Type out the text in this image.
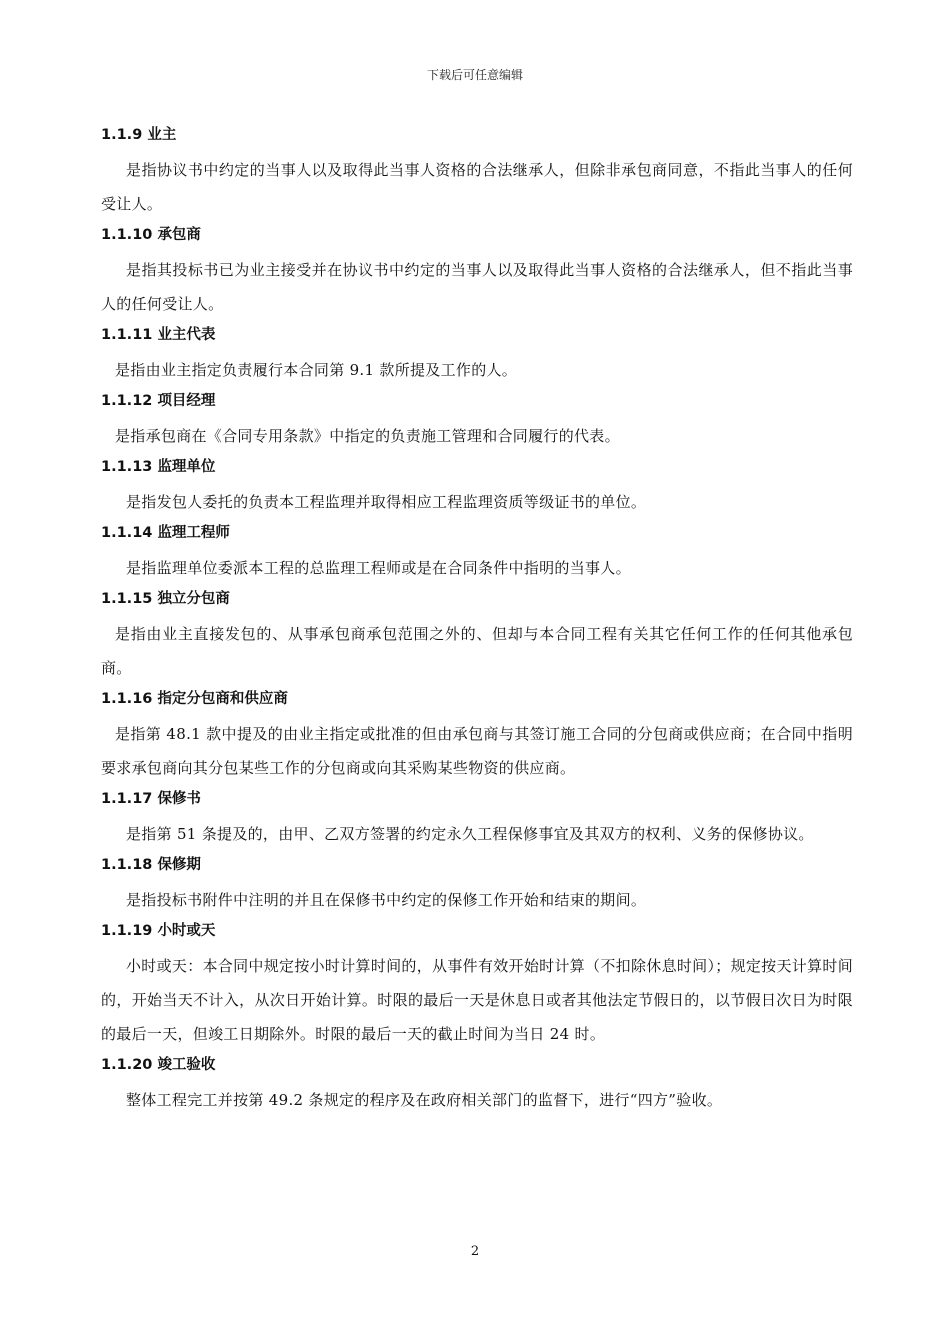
下载后可任意编辑
1.1.9 业主

是指协议书中约定的当事人以及取得此当事人资格的合法继承人，但除非承包商同意，不指此当事人的任何受让人。

1.1.10 承包商

是指其投标书已为业主接受并在协议书中约定的当事人以及取得此当事人资格的合法继承人，但不指此当事人的任何受让人。

1.1.11 业主代表

是指由业主指定负责履行本合同第 9.1 款所提及工作的人。

1.1.12 项目经理

是指承包商在《合同专用条款》中指定的负责施工管理和合同履行的代表。

1.1.13 监理单位

是指发包人委托的负责本工程监理并取得相应工程监理资质等级证书的单位。

1.1.14 监理工程师

是指监理单位委派本工程的总监理工程师或是在合同条件中指明的当事人。

1.1.15 独立分包商

是指由业主直接发包的、从事承包商承包范围之外的、但却与本合同工程有关其它任何工作的任何其他承包商。

1.1.16 指定分包商和供应商

是指第 48.1 款中提及的由业主指定或批准的但由承包商与其签订施工合同的分包商或供应商；在合同中指明要求承包商向其分包某些工作的分包商或向其采购某些物资的供应商。

1.1.17 保修书

是指第 51 条提及的，由甲、乙双方签署的约定永久工程保修事宜及其双方的权利、义务的保修协议。

1.1.18 保修期

是指投标书附件中注明的并且在保修书中约定的保修工作开始和结束的期间。

1.1.19 小时或天

小时或天：本合同中规定按小时计算时间的，从事件有效开始时计算（不扣除休息时间）；规定按天计算时间的，开始当天不计入，从次日开始计算。时限的最后一天是休息日或者其他法定节假日的，以节假日次日为时限的最后一天，但竣工日期除外。时限的最后一天的截止时间为当日 24 时。

1.1.20 竣工验收

整体工程完工并按第 49.2 条规定的程序及在政府相关部门的监督下，进行“四方”验收。

2
